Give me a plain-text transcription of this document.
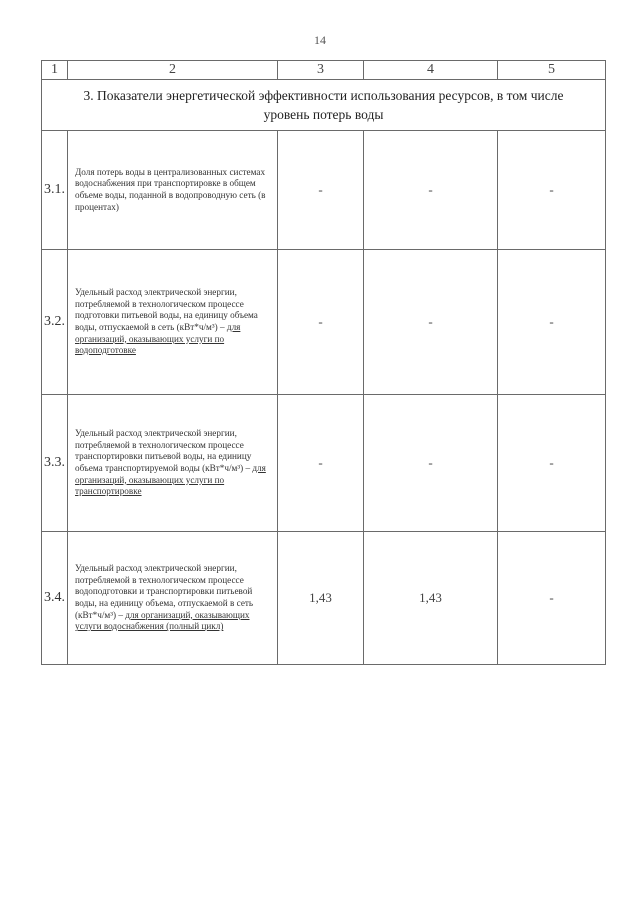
14
1	2	3	4	5
3. Показатели энергетической эффективности использования ресурсов, в том числе уровень потерь воды				
3.1.	Доля потерь воды в централизованных системах водоснабжения при транспортировке в общем объеме воды, поданной в водопроводную сеть (в процентах)	-	-	-
3.2.	Удельный расход электрической энергии, потребляемой в технологическом процессе подготовки питьевой воды, на единицу объема воды, отпускаемой в сеть (кВт*ч/м³) – для организаций, оказывающих услуги по водоподготовке	-	-	-
3.3.	Удельный расход электрической энергии, потребляемой в технологическом процессе транспортировки питьевой воды, на единицу объема транспортируемой воды (кВт*ч/м³) – для организаций, оказывающих услуги по транспортировке	-	-	-
3.4.	Удельный расход электрической энергии, потребляемой в технологическом процессе водоподготовки и транспортировки питьевой воды, на единицу объема, отпускаемой в сеть (кВт*ч/м³) – для организаций, оказывающих услуги водоснабжения (полный цикл)	1,43	1,43	-
